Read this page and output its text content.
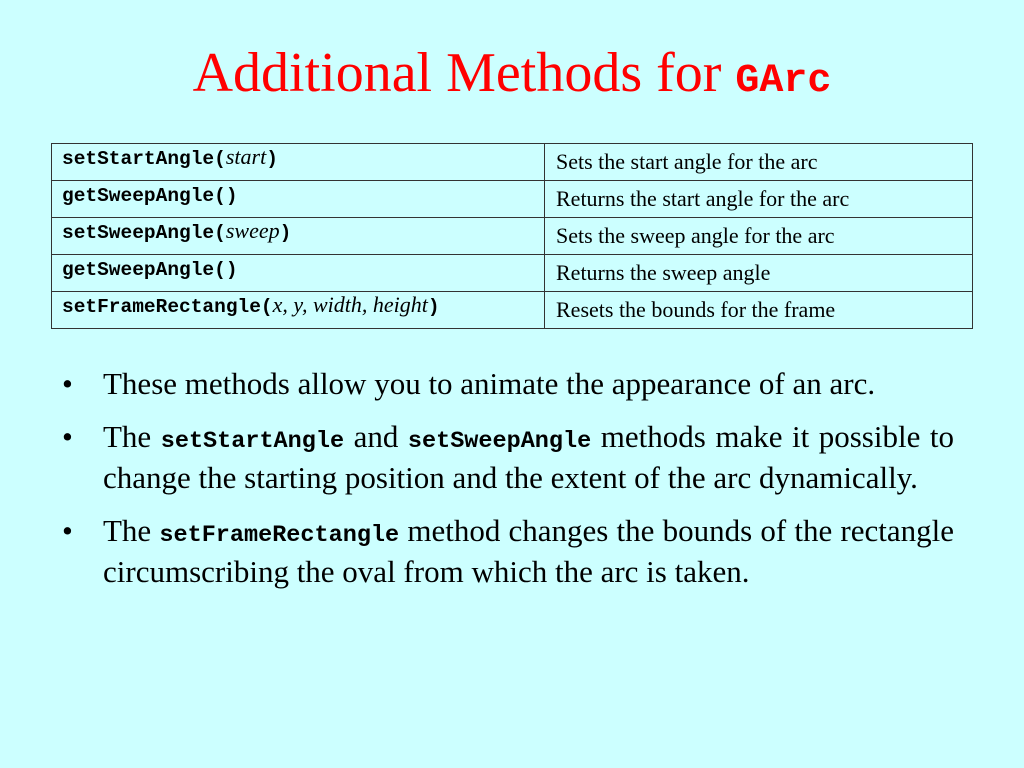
Additional Methods for GArc
setStartAngle(start)	Sets the start angle for the arc

getSweepAngle()	Returns the start angle for the arc

setSweepAngle(sweep)	Sets the sweep angle for the arc

getSweepAngle()	Returns the sweep angle

setFrameRectangle(x, y, width, height)	Resets the bounds for the frame
• These methods allow you to animate the appearance of an arc.
• The setStartAngle and setSweepAngle methods make it possible to change the starting position and the extent of the arc dynamically.
• The setFrameRectangle method changes the bounds of the rectangle circumscribing the oval from which the arc is taken.
